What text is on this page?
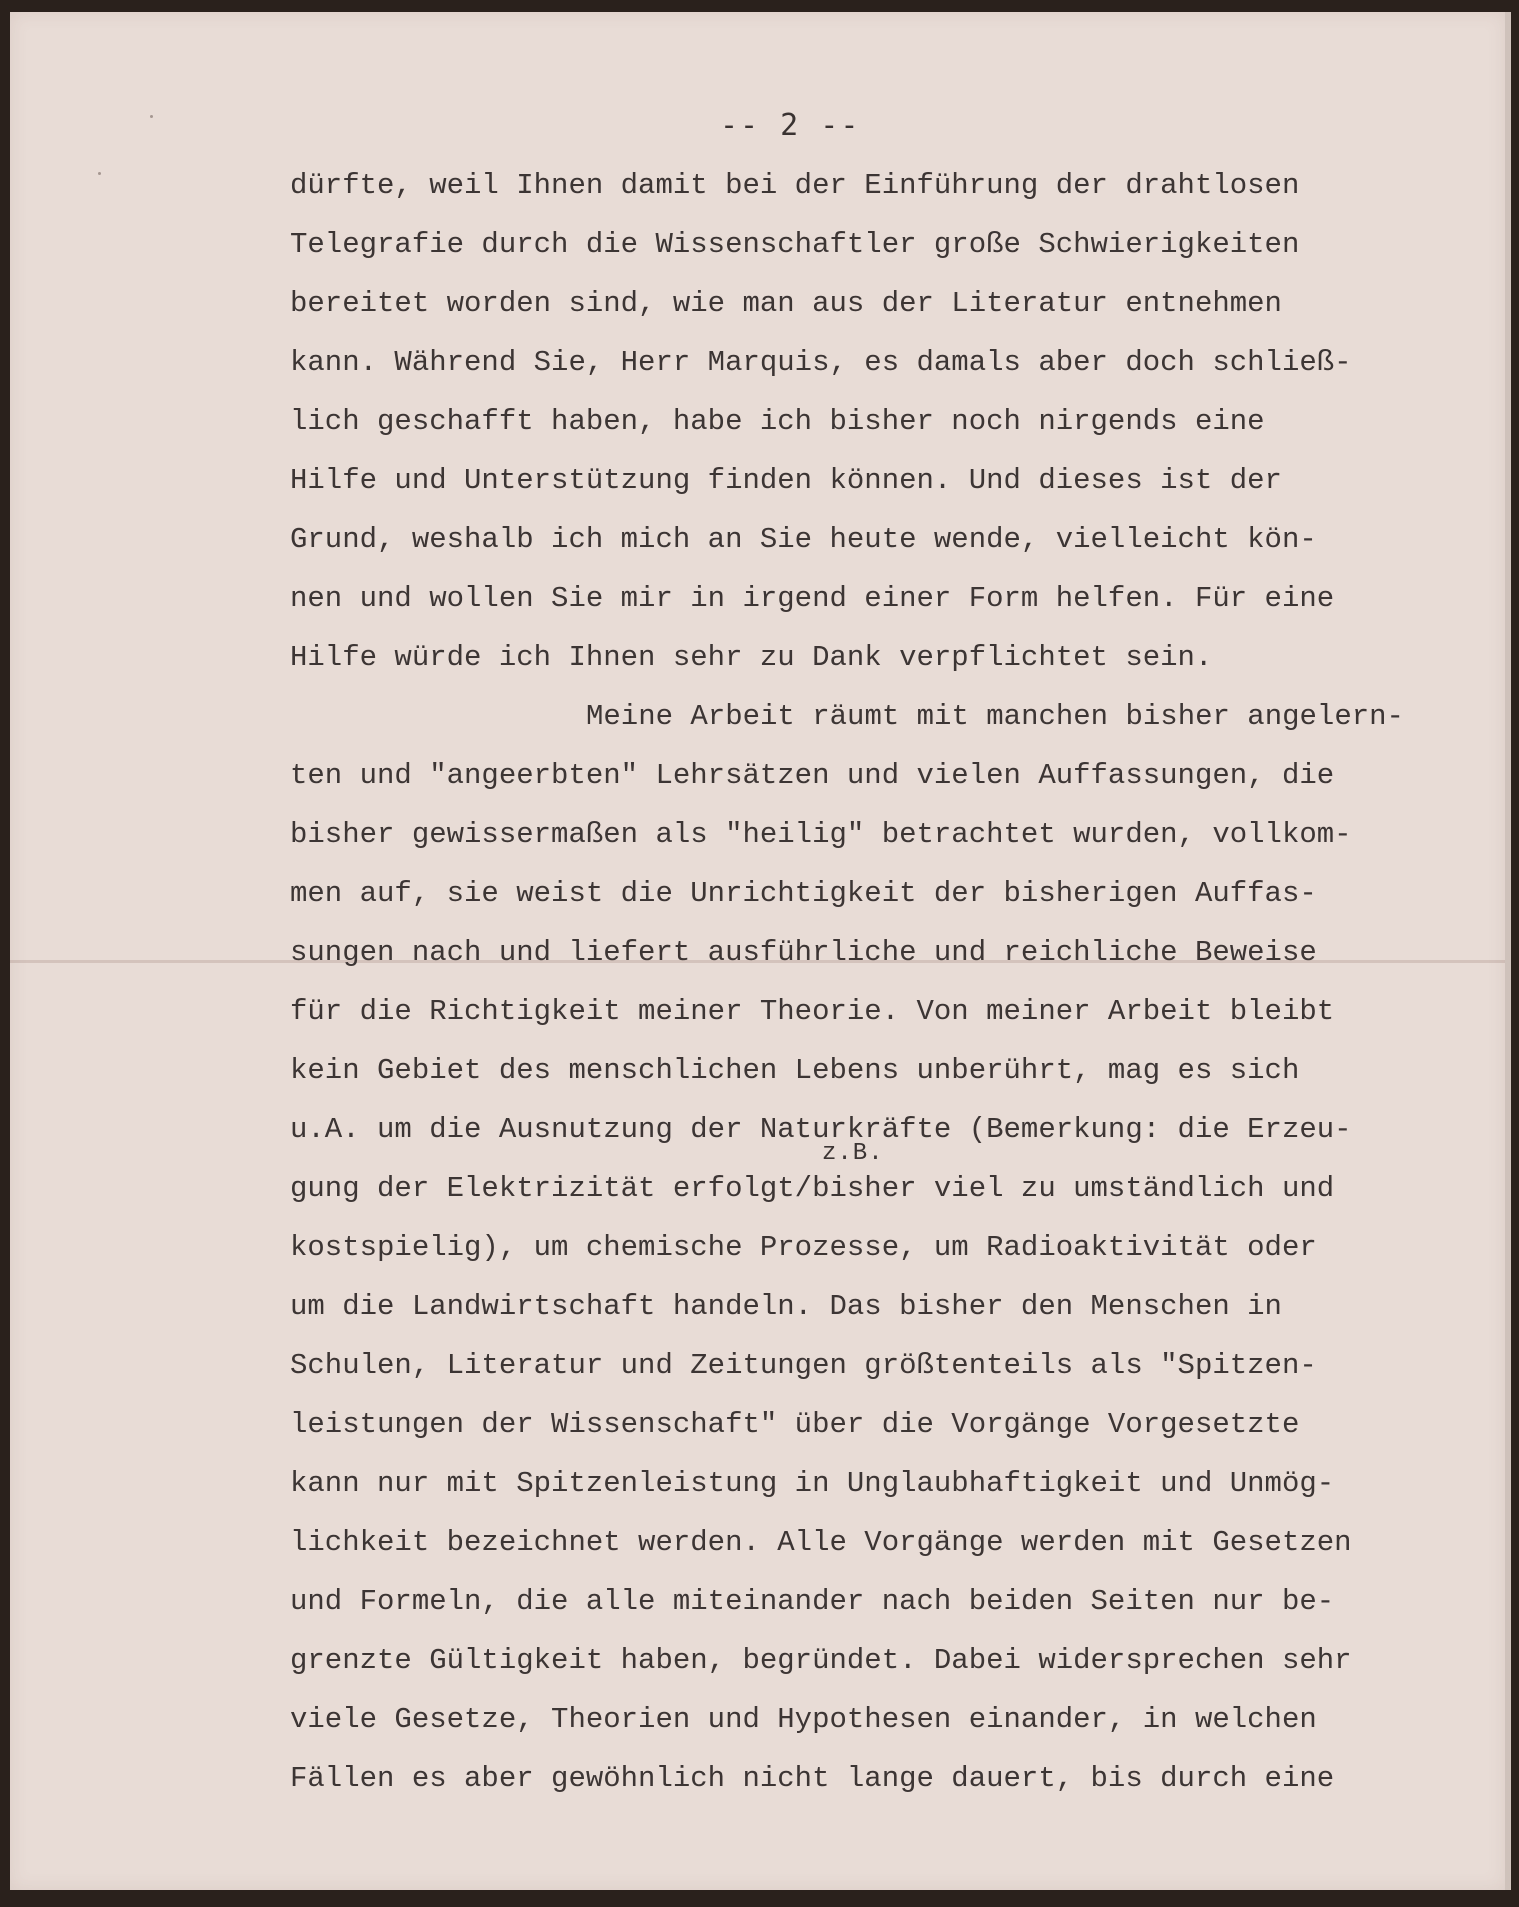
-- 2 --
z.B.
dürfte, weil Ihnen damit bei der Einführung der drahtlosen
Telegrafie durch die Wissenschaftler große Schwierigkeiten
bereitet worden sind, wie man aus der Literatur entnehmen
kann. Während Sie, Herr Marquis, es damals aber doch schließ-
lich geschafft haben, habe ich bisher noch nirgends eine
Hilfe und Unterstützung finden können. Und dieses ist der
Grund, weshalb ich mich an Sie heute wende, vielleicht kön-
nen und wollen Sie mir in irgend einer Form helfen. Für eine
Hilfe würde ich Ihnen sehr zu Dank verpflichtet sein.
Meine Arbeit räumt mit manchen bisher angelern-
ten und "angeerbten" Lehrsätzen und vielen Auffassungen, die
bisher gewissermaßen als "heilig" betrachtet wurden, vollkom-
men auf, sie weist die Unrichtigkeit der bisherigen Auffas-
sungen nach und liefert ausführliche und reichliche Beweise
für die Richtigkeit meiner Theorie. Von meiner Arbeit bleibt
kein Gebiet des menschlichen Lebens unberührt, mag es sich
u.A. um die Ausnutzung der Naturkräfte (Bemerkung: die Erzeu-
gung der Elektrizität erfolgt/bisher viel zu umständlich und
kostspielig), um chemische Prozesse, um Radioaktivität oder
um die Landwirtschaft handeln. Das bisher den Menschen in
Schulen, Literatur und Zeitungen größtenteils als "Spitzen-
leistungen der Wissenschaft" über die Vorgänge Vorgesetzte
kann nur mit Spitzenleistung in Unglaubhaftigkeit und Unmög-
lichkeit bezeichnet werden. Alle Vorgänge werden mit Gesetzen
und Formeln, die alle miteinander nach beiden Seiten nur be-
grenzte Gültigkeit haben, begründet. Dabei widersprechen sehr
viele Gesetze, Theorien und Hypothesen einander, in welchen
Fällen es aber gewöhnlich nicht lange dauert, bis durch eine
